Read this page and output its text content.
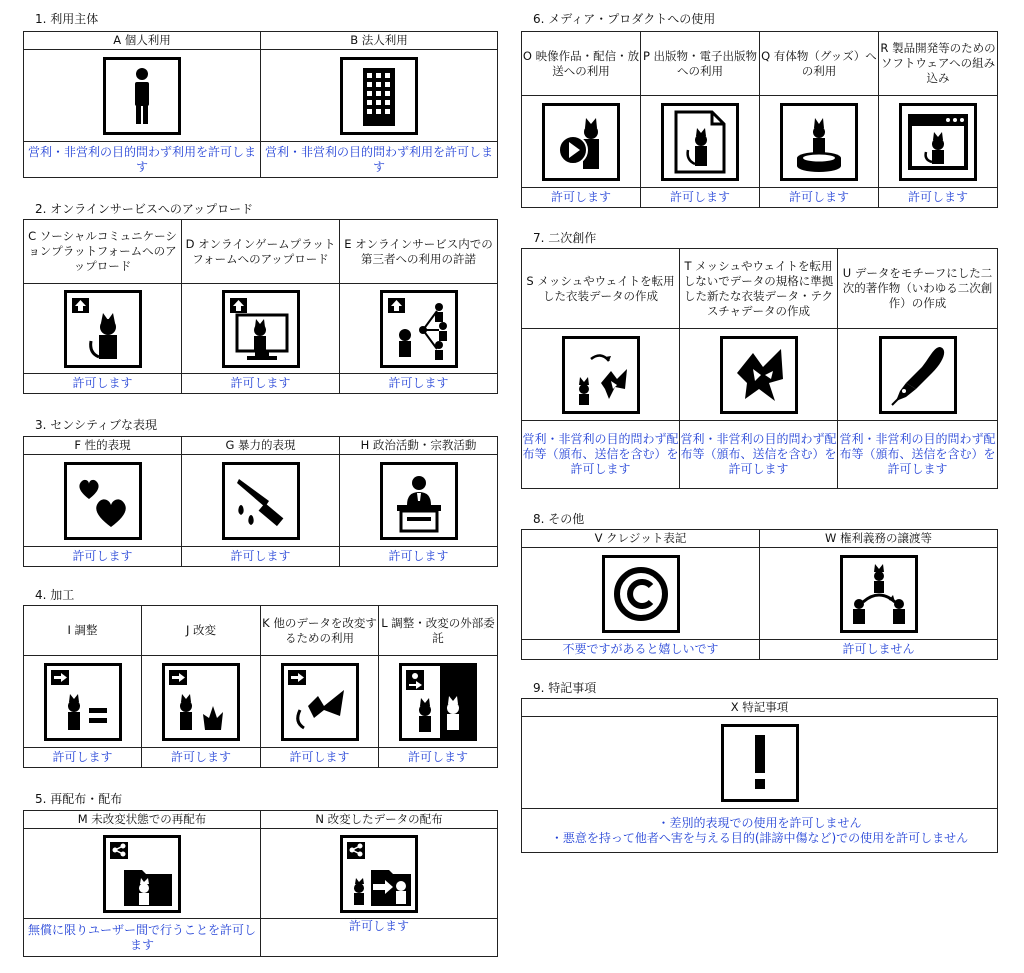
1. 利用主体
A 個人利用	B 法人利用

営利・非営利の目的問わず利用を許可します	営利・非営利の目的問わず利用を許可します
2. オンラインサービスへのアップロード
C ソーシャルコミュニケーションプラットフォームへのアップロード	D オンラインゲームプラットフォームへのアップロード	E オンラインサービス内での第三者への利用の許諾

許可します	許可します	許可します
3. センシティブな表現
F 性的表現	G 暴力的表現	H 政治活動・宗教活動

許可します	許可します	許可します
4. 加工
I 調整	J 改変	K 他のデータを改変するための利用	L 調整・改変の外部委託

許可します	許可します	許可します	許可します
5. 再配布・配布
M 未改変状態での再配布	N 改変したデータの配布

無償に限りユーザー間で行うことを許可します	許可します
6. メディア・プロダクトへの使用
O 映像作品・配信・放送への利用	P 出版物・電子出版物への利用	Q 有体物（グッズ）への利用	R 製品開発等のためのソフトウェアへの組み込み

許可します	許可します	許可します	許可します
7. 二次創作
S メッシュやウェイトを転用した衣装データの作成	T メッシュやウェイトを転用しないでデータの規格に準拠した新たな衣装データ・テクスチャデータの作成	U データをモチーフにした二次的著作物（いわゆる二次創作）の作成

営利・非営利の目的問わず配布等（頒布、送信を含む）を許可します	営利・非営利の目的問わず配布等（頒布、送信を含む）を許可します	営利・非営利の目的問わず配布等（頒布、送信を含む）を許可します
8. その他
V クレジット表記	W 権利義務の譲渡等

不要ですがあると嬉しいです	許可しません
9. 特記事項
X 特記事項

・差別的表現での使用を許可しません
・悪意を持って他者へ害を与える目的(誹謗中傷など)での使用を許可しません
